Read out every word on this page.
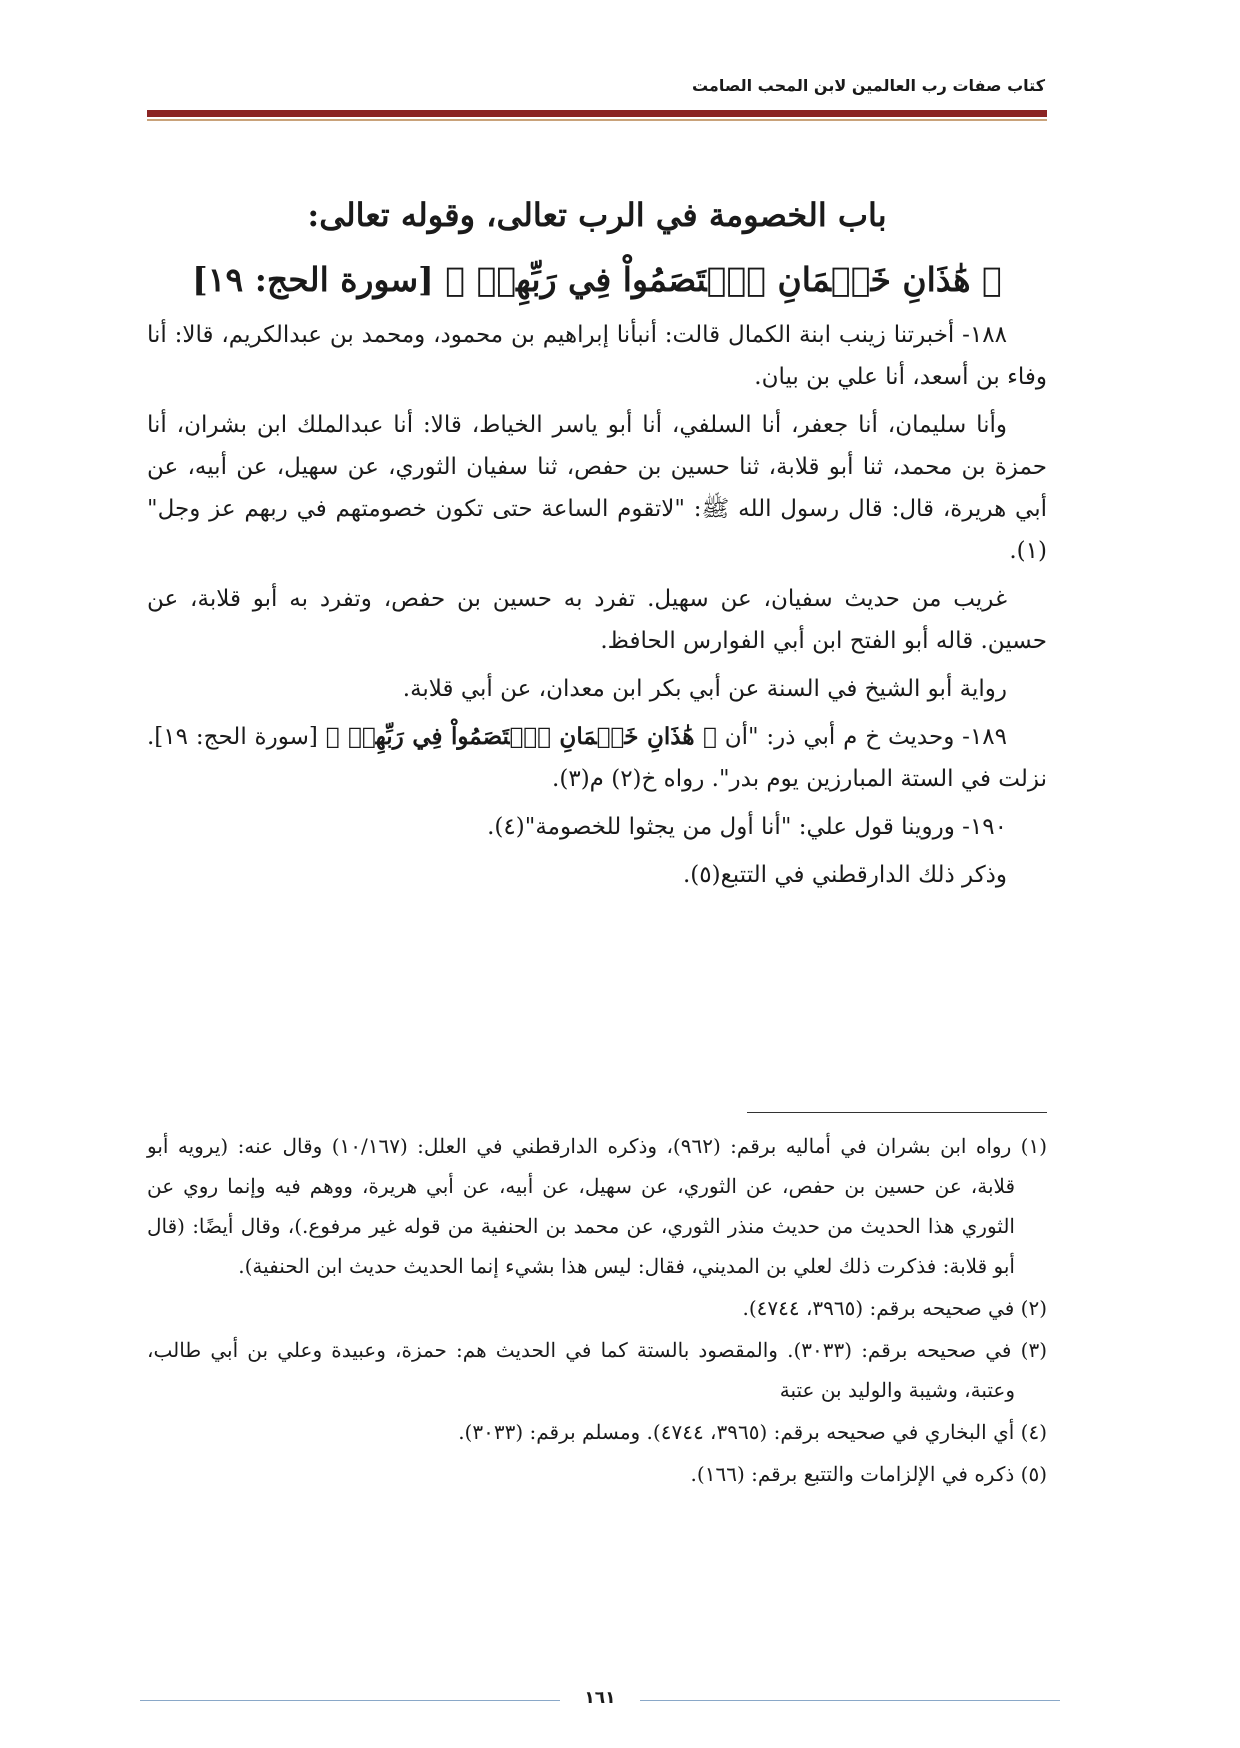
كتاب صفات رب العالمين لابن المحب الصامت
باب الخصومة في الرب تعالى، وقوله تعالى:
﴿ هَٰذَانِ خَصۡمَانِ ٱخۡتَصَمُواْ فِي رَبِّهِمۡ ﴾ [سورة الحج: ١٩]

١٨٨- أخبرتنا زينب ابنة الكمال قالت: أنبأنا إبراهيم بن محمود، ومحمد بن عبدالكريم، قالا: أنا وفاء بن أسعد، أنا علي بن بيان.

وأنا سليمان، أنا جعفر، أنا السلفي، أنا أبو ياسر الخياط، قالا: أنا عبدالملك ابن بشران، أنا حمزة بن محمد، ثنا أبو قلابة، ثنا حسين بن حفص، ثنا سفيان الثوري، عن سهيل، عن أبيه، عن أبي هريرة، قال: قال رسول الله ﷺ: "لاتقوم الساعة حتى تكون خصومتهم في ربهم عز وجل"(١).

غريب من حديث سفيان، عن سهيل. تفرد به حسين بن حفص، وتفرد به أبو قلابة، عن حسين. قاله أبو الفتح ابن أبي الفوارس الحافظ.

رواية أبو الشيخ في السنة عن أبي بكر ابن معدان، عن أبي قلابة.

١٨٩- وحديث خ م أبي ذر: "أن ﴿ هَٰذَانِ خَصۡمَانِ ٱخۡتَصَمُواْ فِي رَبِّهِمۡ ﴾ [سورة الحج: ١٩]. نزلت في الستة المبارزين يوم بدر". رواه خ(٢) م(٣).

١٩٠- وروينا قول علي: "أنا أول من يجثوا للخصومة"(٤).

وذكر ذلك الدارقطني في التتبع(٥).

(١) رواه ابن بشران في أماليه برقم: (٩٦٢)، وذكره الدارقطني في العلل: (١٠/١٦٧) وقال عنه: (يرويه أبو قلابة، عن حسين بن حفص، عن الثوري، عن سهيل، عن أبيه، عن أبي هريرة، ووهم فيه وإنما روي عن الثوري هذا الحديث من حديث منذر الثوري، عن محمد بن الحنفية من قوله غير مرفوع.)، وقال أيضًا: (قال أبو قلابة: فذكرت ذلك لعلي بن المديني، فقال: ليس هذا بشيء إنما الحديث حديث ابن الحنفية).

(٢) في صحيحه برقم: (٣٩٦٥، ٤٧٤٤).

(٣) في صحيحه برقم: (٣٠٣٣). والمقصود بالستة كما في الحديث هم: حمزة، وعبيدة وعلي بن أبي طالب، وعتبة، وشيبة والوليد بن عتبة

(٤) أي البخاري في صحيحه برقم: (٣٩٦٥، ٤٧٤٤). ومسلم برقم: (٣٠٣٣).

(٥) ذكره في الإلزامات والتتبع برقم: (١٦٦).

١٦١
